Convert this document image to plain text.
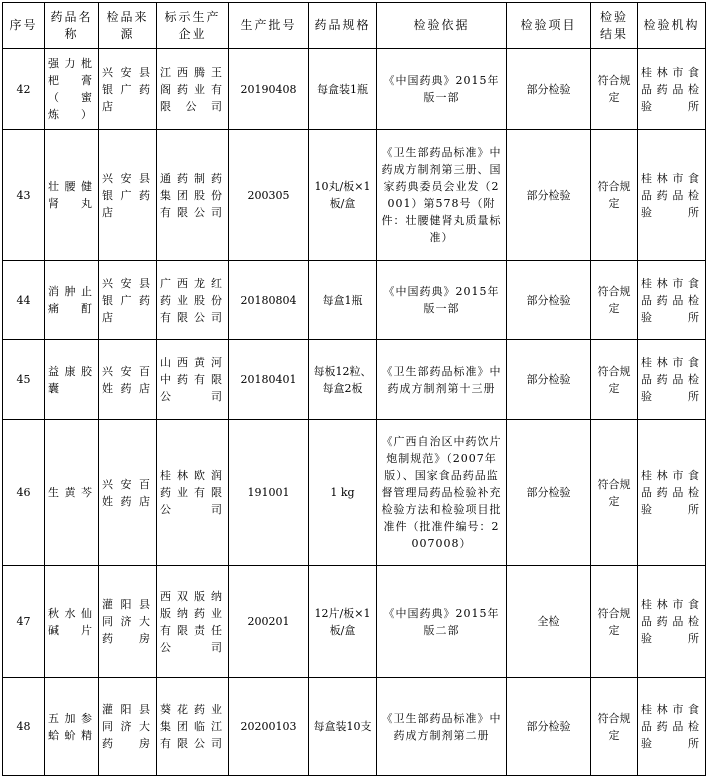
序号	药品名称	检品来源	标示生产企业	生产批号	药品规格	检验依据	检验项目	检验结果	检验机构
42	强力枇杷膏（蜜炼）	兴安县银广药店	江西腾王阁药业有限公司	20190408	每盒装1瓶	《中国药典》2015年版一部	部分检验	符合规定	桂林市食品药品检验所
43	壮腰健肾丸	兴安县银广药店	通药制药集团股份有限公司	200305	10丸/板×1板/盒	《卫生部药品标准》中药成方制剂第三册、国家药典委员会业发（2001）第578号（附件：壮腰健肾丸质量标准）	部分检验	符合规定	桂林市食品药品检验所
44	消肿止痛酊	兴安县银广药店	广西龙红药业股份有限公司	20180804	每盒1瓶	《中国药典》2015年版一部	部分检验	符合规定	桂林市食品药品检验所
45	益康胶囊	兴安百姓药店	山西黄河中药有限公司	20180401	每板12粒、每盒2板	《卫生部药品标准》中药成方制剂第十三册	部分检验	符合规定	桂林市食品药品检验所
46	生黄芩	兴安百姓药店	桂林欧润药业有限公司	191001	1 kg	《广西自治区中药饮片炮制规范》（2007年版）、国家食品药品监督管理局药品检验补充检验方法和检验项目批准件（批准件编号：2007008）	部分检验	符合规定	桂林市食品药品检验所
47	秋水仙碱片	灌阳县同济大药房	西双版纳版纳药业有限责任公司	200201	12片/板×1板/盒	《中国药典》2015年版二部	全检	符合规定	桂林市食品药品检验所
48	五加参蛤蚧精	灌阳县同济大药房	葵花药业集团临江有限公司	20200103	每盒装10支	《卫生部药品标准》中药成方制剂第二册	部分检验	符合规定	桂林市食品药品检验所
